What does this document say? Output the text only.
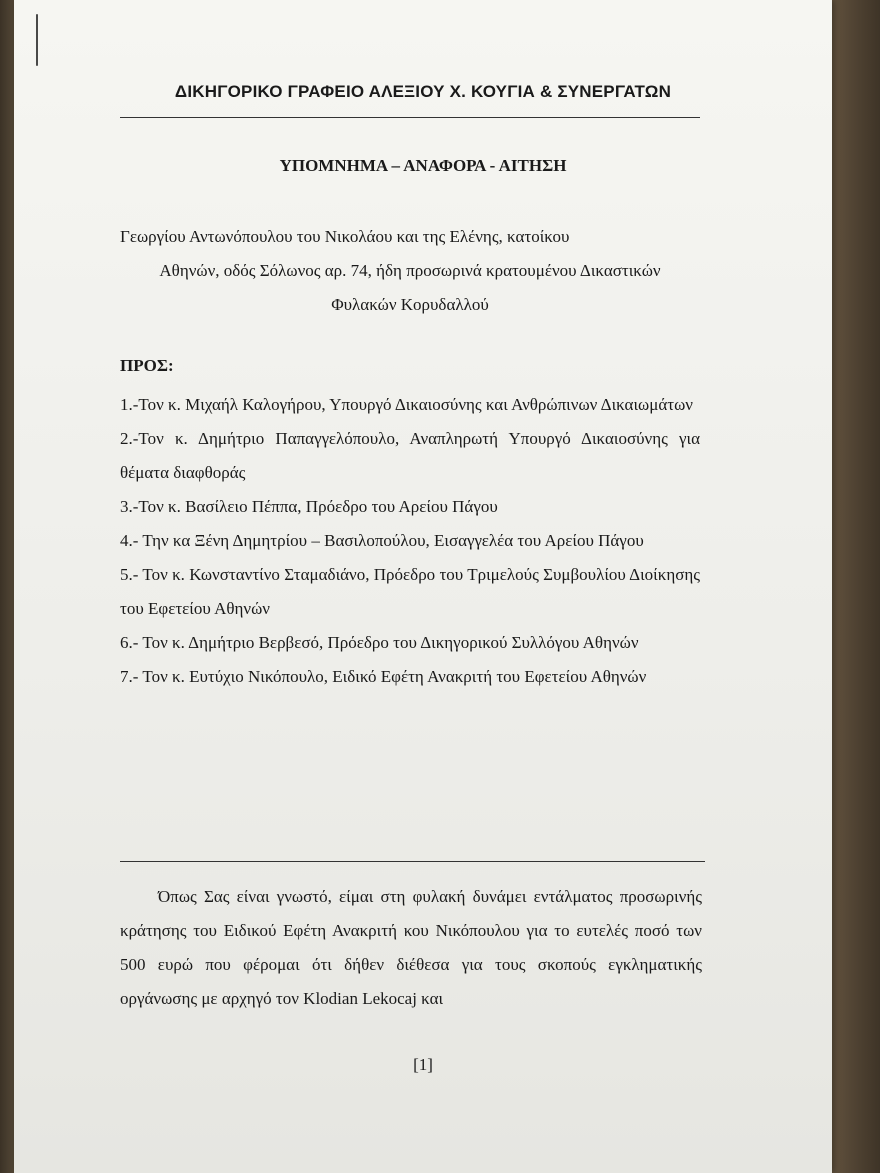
ΔΙΚΗΓΟΡΙΚΟ ΓΡΑΦΕΙΟ ΑΛΕΞΙΟΥ Χ. ΚΟΥΓΙΑ & ΣΥΝΕΡΓΑΤΩΝ
ΥΠΟΜΝΗΜΑ – ΑΝΑΦΟΡΑ - ΑΙΤΗΣΗ
Γεωργίου Αντωνόπουλου του Νικολάου και της Ελένης, κατοίκου
Αθηνών, οδός Σόλωνος αρ. 74, ήδη προσωρινά κρατουμένου Δικαστικών
Φυλακών Κορυδαλλού
ΠΡΟΣ:
1.-Τον κ. Μιχαήλ Καλογήρου, Υπουργό Δικαιοσύνης και Ανθρώπινων Δικαιωμάτων
2.-Τον κ. Δημήτριο Παπαγγελόπουλο, Αναπληρωτή Υπουργό Δικαιοσύνης για θέματα διαφθοράς
3.-Τον κ. Βασίλειο Πέππα, Πρόεδρο του Αρείου Πάγου
4.- Την κα Ξένη Δημητρίου – Βασιλοπούλου, Εισαγγελέα του Αρείου Πάγου
5.- Τον κ. Κωνσταντίνο Σταμαδιάνο, Πρόεδρο του Τριμελούς Συμβουλίου Διοίκησης του Εφετείου Αθηνών
6.- Τον κ. Δημήτριο Βερβεσό, Πρόεδρο του Δικηγορικού Συλλόγου Αθηνών
7.- Τον κ. Ευτύχιο Νικόπουλο, Ειδικό Εφέτη Ανακριτή του Εφετείου Αθηνών
Όπως Σας είναι γνωστό, είμαι στη φυλακή δυνάμει εντάλματος προσωρινής κράτησης του Ειδικού Εφέτη Ανακριτή κου Νικόπουλου για το ευτελές ποσό των 500 ευρώ που φέρομαι ότι δήθεν διέθεσα για τους σκοπούς εγκληματικής οργάνωσης με αρχηγό τον Klodian Lekocaj και
[1]
